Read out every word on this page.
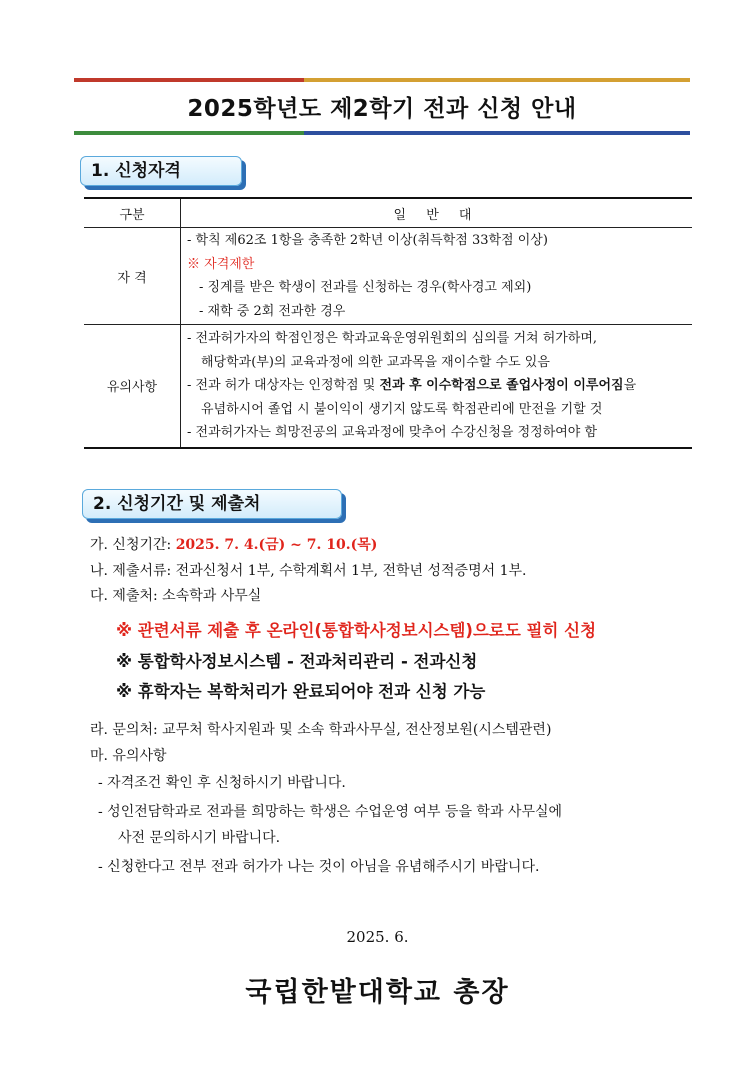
2025학년도 제2학기 전과 신청 안내
1. 신청자격
구분	일 반 대
자 격	- 학칙 제62조 1항을 충족한 2학년 이상(취득학점 33학점 이상)
※ 자격제한
- 징계를 받은 학생이 전과를 신청하는 경우(학사경고 제외)
- 재학 중 2회 전과한 경우

유의사항	- 전과허가자의 학점인정은 학과교육운영위원회의 심의를 거쳐 허가하며,
해당학과(부)의 교육과정에 의한 교과목을 재이수할 수도 있음
- 전과 허가 대상자는 인정학점 및 전과 후 이수학점으로 졸업사정이 이루어짐을
유념하시어 졸업 시 불이익이 생기지 않도록 학점관리에 만전을 기할 것
- 전과허가자는 희망전공의 교육과정에 맞추어 수강신청을 정정하여야 함
2. 신청기간 및 제출처
가. 신청기간: 2025. 7. 4.(금) ~ 7. 10.(목)
나. 제출서류: 전과신청서 1부, 수학계획서 1부, 전학년 성적증명서 1부.
다. 제출처: 소속학과 사무실
※ 관련서류 제출 후 온라인(통합학사정보시스템)으로도 필히 신청
※ 통합학사정보시스템 - 전과처리관리 - 전과신청
※ 휴학자는 복학처리가 완료되어야 전과 신청 가능
라. 문의처: 교무처 학사지원과 및 소속 학과사무실, 전산정보원(시스템관련)
마. 유의사항
- 자격조건 확인 후 신청하시기 바랍니다.
- 성인전담학과로 전과를 희망하는 학생은 수업운영 여부 등을 학과 사무실에
사전 문의하시기 바랍니다.
- 신청한다고 전부 전과 허가가 나는 것이 아님을 유념해주시기 바랍니다.
2025. 6.
국립한밭대학교 총장
